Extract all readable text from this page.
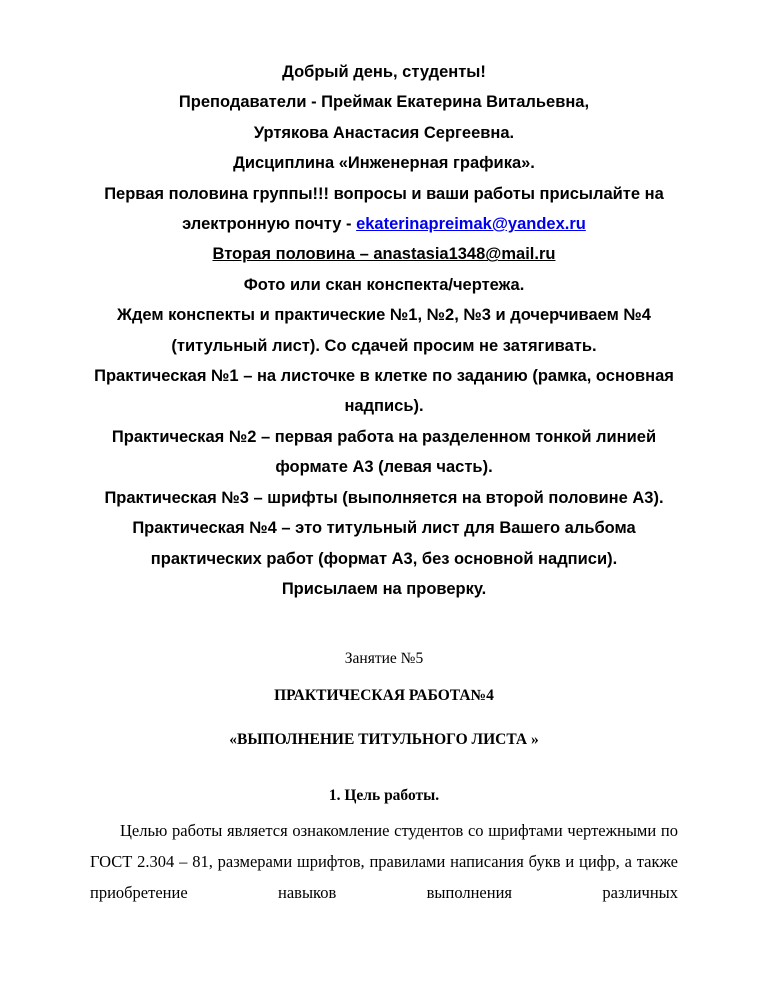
Добрый день, студенты!

Преподаватели - Преймак Екатерина Витальевна,

Уртякова Анастасия Сергеевна.

Дисциплина «Инженерная графика».

Первая половина группы!!! вопросы и ваши работы присылайте на

электронную почту - ekaterinapreimak@yandex.ru

Вторая половина – anastasia1348@mail.ru

Фото или скан конспекта/чертежа.

Ждем конспекты и практические №1, №2, №3 и дочерчиваем №4

(титульный лист). Со сдачей просим не затягивать.

Практическая №1 – на листочке в клетке по заданию (рамка, основная

надпись).

Практическая №2 – первая работа на разделенном тонкой линией

формате А3 (левая часть).

Практическая №3 – шрифты (выполняется на второй половине А3).

Практическая №4 – это титульный лист для Вашего альбома

практических работ (формат А3, без основной надписи).

Присылаем на проверку.

Занятие №5

ПРАКТИЧЕСКАЯ РАБОТА№4

«ВЫПОЛНЕНИЕ ТИТУЛЬНОГО ЛИСТА »

1. Цель работы.

Целью работы является ознакомление студентов со шрифтами чертежными по ГОСТ 2.304 – 81, размерами шрифтов, правилами написания букв и цифр, а также приобретение навыков выполнения различных
